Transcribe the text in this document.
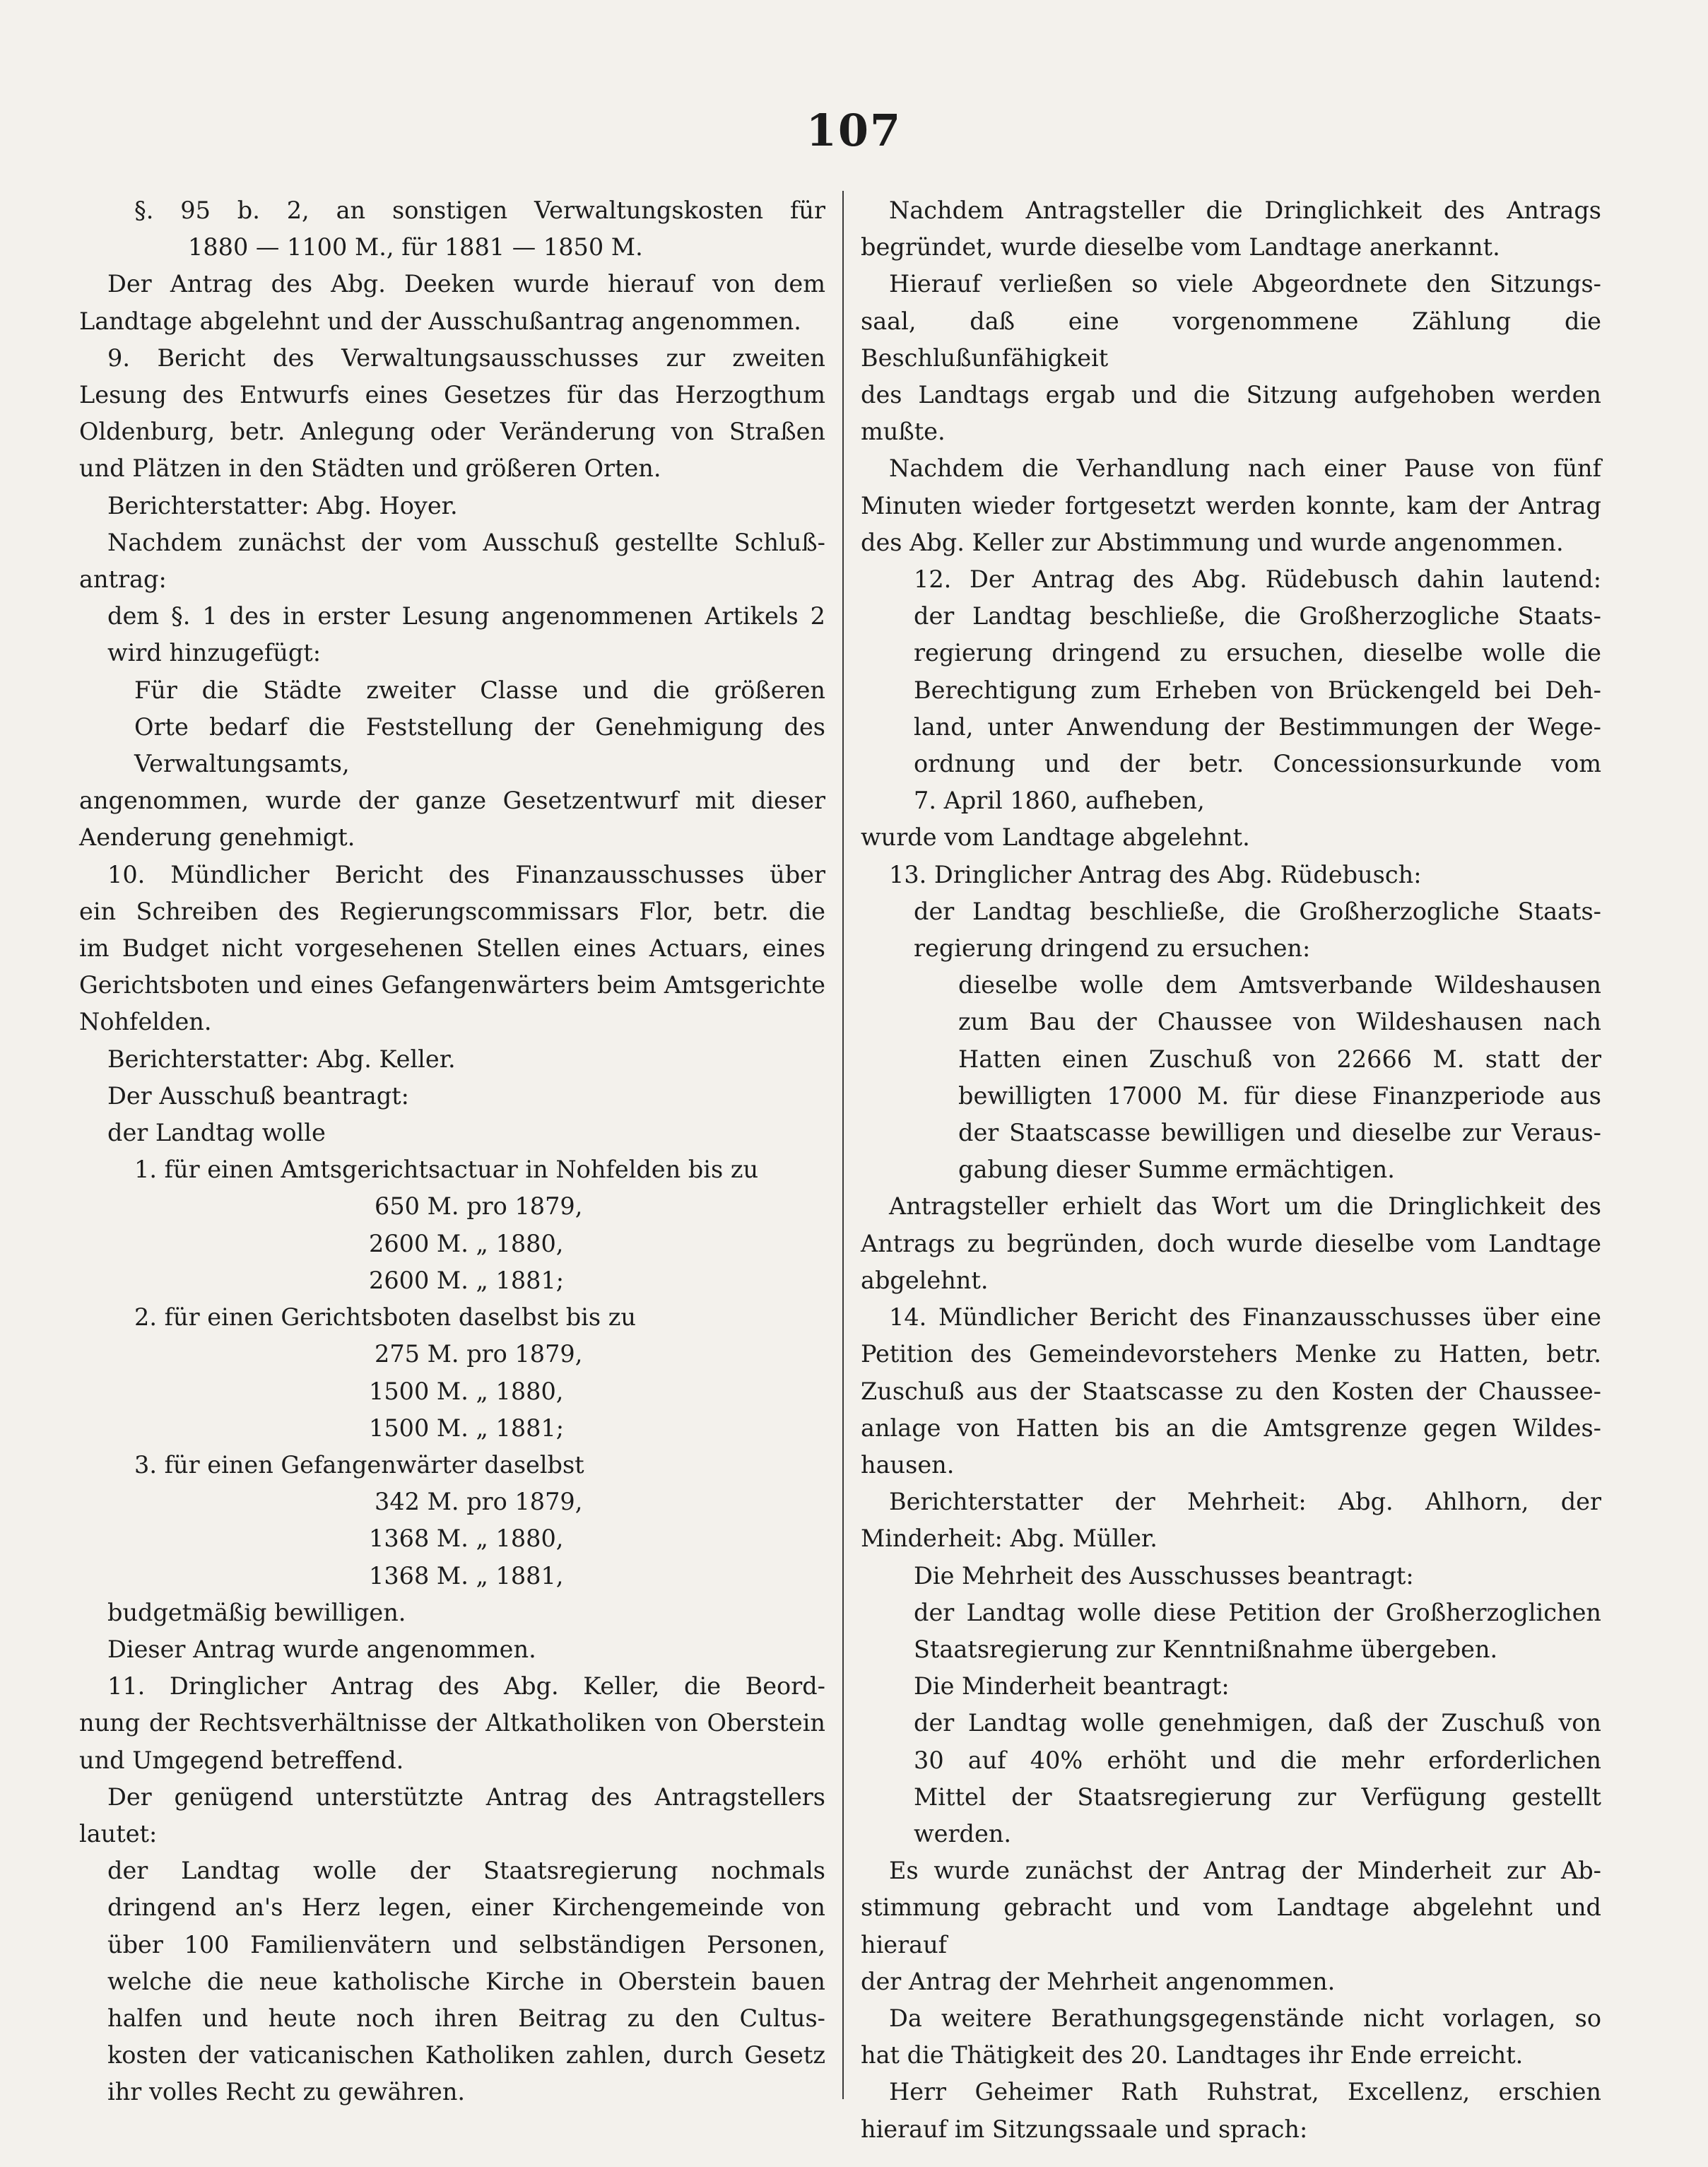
107

§. 95 b. 2, an sonstigen Verwaltungskosten für

1880 — 1100 M., für 1881 — 1850 M.

Der Antrag des Abg. Deeken wurde hierauf von dem

Landtage abgelehnt und der Ausschußantrag angenommen.

9. Bericht des Verwaltungsausschusses zur zweiten

Lesung des Entwurfs eines Gesetzes für das Herzogthum

Oldenburg, betr. Anlegung oder Veränderung von Straßen

und Plätzen in den Städten und größeren Orten.

Berichterstatter: Abg. Hoyer.

Nachdem zunächst der vom Ausschuß gestellte Schluß-

antrag:

dem §. 1 des in erster Lesung angenommenen Artikels 2

wird hinzugefügt:

Für die Städte zweiter Classe und die größeren

Orte bedarf die Feststellung der Genehmigung des

Verwaltungsamts,

angenommen, wurde der ganze Gesetzentwurf mit dieser

Aenderung genehmigt.

10. Mündlicher Bericht des Finanzausschusses über

ein Schreiben des Regierungscommissars Flor, betr. die

im Budget nicht vorgesehenen Stellen eines Actuars, eines

Gerichtsboten und eines Gefangenwärters beim Amtsgerichte

Nohfelden.

Berichterstatter: Abg. Keller.

Der Ausschuß beantragt:

der Landtag wolle

1. für einen Amtsgerichtsactuar in Nohfelden bis zu

650 M. pro 1879,

2600 M. „ 1880,

2600 M. „ 1881;

2. für einen Gerichtsboten daselbst bis zu

275 M. pro 1879,

1500 M. „ 1880,

1500 M. „ 1881;

3. für einen Gefangenwärter daselbst

342 M. pro 1879,

1368 M. „ 1880,

1368 M. „ 1881,

budgetmäßig bewilligen.

Dieser Antrag wurde angenommen.

11. Dringlicher Antrag des Abg. Keller, die Beord-

nung der Rechtsverhältnisse der Altkatholiken von Oberstein

und Umgegend betreffend.

Der genügend unterstützte Antrag des Antragstellers

lautet:

der Landtag wolle der Staatsregierung nochmals

dringend an's Herz legen, einer Kirchengemeinde von

über 100 Familienvätern und selbständigen Personen,

welche die neue katholische Kirche in Oberstein bauen

halfen und heute noch ihren Beitrag zu den Cultus-

kosten der vaticanischen Katholiken zahlen, durch Gesetz

ihr volles Recht zu gewähren.

Nachdem Antragsteller die Dringlichkeit des Antrags

begründet, wurde dieselbe vom Landtage anerkannt.

Hierauf verließen so viele Abgeordnete den Sitzungs-

saal, daß eine vorgenommene Zählung die Beschlußunfähigkeit

des Landtags ergab und die Sitzung aufgehoben werden

mußte.

Nachdem die Verhandlung nach einer Pause von fünf

Minuten wieder fortgesetzt werden konnte, kam der Antrag

des Abg. Keller zur Abstimmung und wurde angenommen.

12. Der Antrag des Abg. Rüdebusch dahin lautend:

der Landtag beschließe, die Großherzogliche Staats-

regierung dringend zu ersuchen, dieselbe wolle die

Berechtigung zum Erheben von Brückengeld bei Deh-

land, unter Anwendung der Bestimmungen der Wege-

ordnung und der betr. Concessionsurkunde vom

7. April 1860, aufheben,

wurde vom Landtage abgelehnt.

13. Dringlicher Antrag des Abg. Rüdebusch:

der Landtag beschließe, die Großherzogliche Staats-

regierung dringend zu ersuchen:

dieselbe wolle dem Amtsverbande Wildeshausen

zum Bau der Chaussee von Wildeshausen nach

Hatten einen Zuschuß von 22666 M. statt der

bewilligten 17000 M. für diese Finanzperiode aus

der Staatscasse bewilligen und dieselbe zur Veraus-

gabung dieser Summe ermächtigen.

Antragsteller erhielt das Wort um die Dringlichkeit des

Antrags zu begründen, doch wurde dieselbe vom Landtage

abgelehnt.

14. Mündlicher Bericht des Finanzausschusses über eine

Petition des Gemeindevorstehers Menke zu Hatten, betr.

Zuschuß aus der Staatscasse zu den Kosten der Chaussee-

anlage von Hatten bis an die Amtsgrenze gegen Wildes-

hausen.

Berichterstatter der Mehrheit: Abg. Ahlhorn, der

Minderheit: Abg. Müller.

Die Mehrheit des Ausschusses beantragt:

der Landtag wolle diese Petition der Großherzoglichen

Staatsregierung zur Kenntnißnahme übergeben.

Die Minderheit beantragt:

der Landtag wolle genehmigen, daß der Zuschuß von

30 auf 40% erhöht und die mehr erforderlichen

Mittel der Staatsregierung zur Verfügung gestellt

werden.

Es wurde zunächst der Antrag der Minderheit zur Ab-

stimmung gebracht und vom Landtage abgelehnt und hierauf

der Antrag der Mehrheit angenommen.

Da weitere Berathungsgegenstände nicht vorlagen, so

hat die Thätigkeit des 20. Landtages ihr Ende erreicht.

Herr Geheimer Rath Ruhstrat, Excellenz, erschien

hierauf im Sitzungssaale und sprach:
